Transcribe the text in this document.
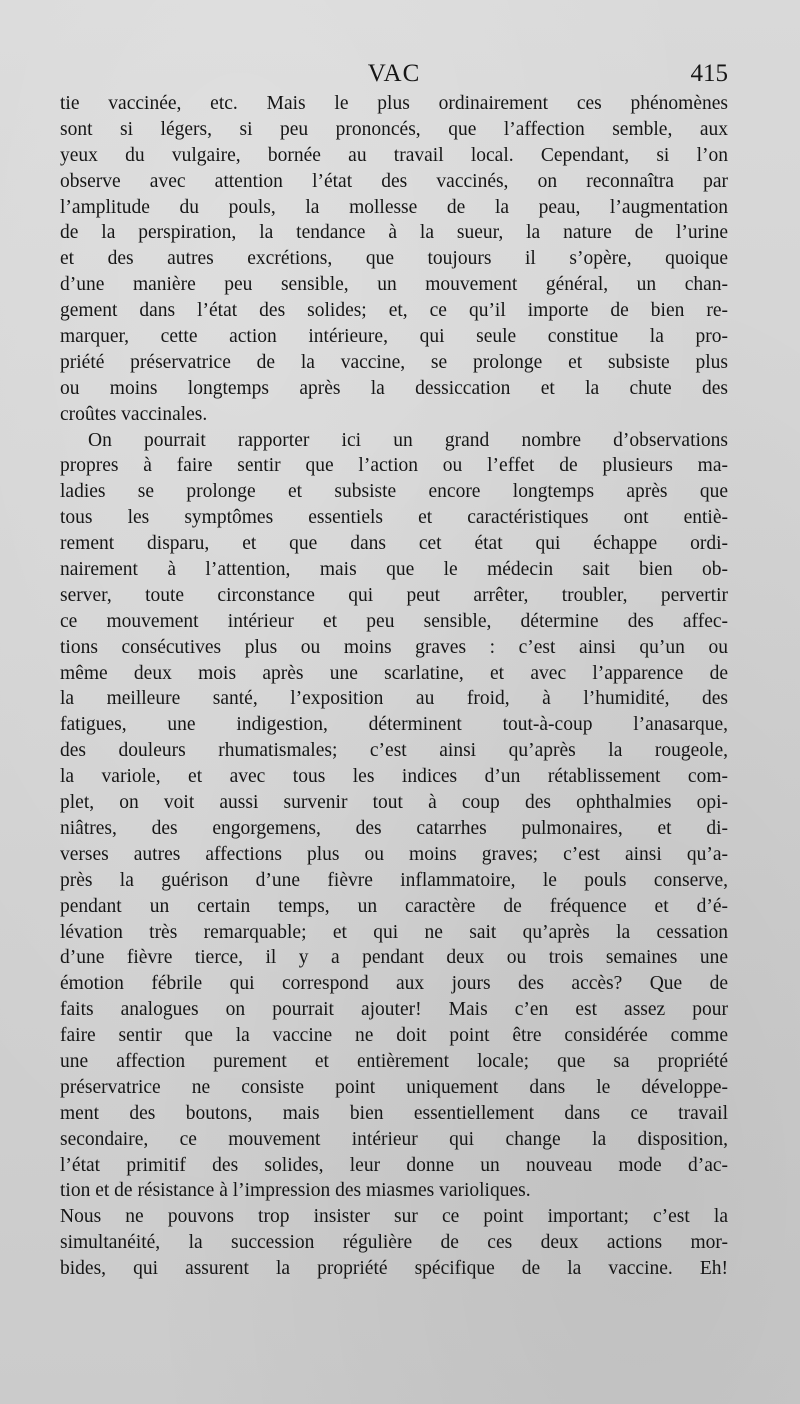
VAC	415
tie vaccinée, etc. Mais le plus ordinairement ces phénomènes
sont si légers, si peu prononcés, que l’affection semble, aux
yeux du vulgaire, bornée au travail local. Cependant, si l’on
observe avec attention l’état des vaccinés, on reconnaîtra par
l’amplitude du pouls, la mollesse de la peau, l’augmentation
de la perspiration, la tendance à la sueur, la nature de l’urine
et des autres excrétions, que toujours il s’opère, quoique
d’une manière peu sensible, un mouvement général, un chan-
gement dans l’état des solides; et, ce qu’il importe de bien re-
marquer, cette action intérieure, qui seule constitue la pro-
priété préservatrice de la vaccine, se prolonge et subsiste plus
ou moins longtemps après la dessiccation et la chute des
croûtes vaccinales.
On pourrait rapporter ici un grand nombre d’observations
propres à faire sentir que l’action ou l’effet de plusieurs ma-
ladies se prolonge et subsiste encore longtemps après que
tous les symptômes essentiels et caractéristiques ont entiè-
rement disparu, et que dans cet état qui échappe ordi-
nairement à l’attention, mais que le médecin sait bien ob-
server, toute circonstance qui peut arrêter, troubler, pervertir
ce mouvement intérieur et peu sensible, détermine des affec-
tions consécutives plus ou moins graves : c’est ainsi qu’un ou
même deux mois après une scarlatine, et avec l’apparence de
la meilleure santé, l’exposition au froid, à l’humidité, des
fatigues, une indigestion, déterminent tout-à-coup l’anasarque,
des douleurs rhumatismales; c’est ainsi qu’après la rougeole,
la variole, et avec tous les indices d’un rétablissement com-
plet, on voit aussi survenir tout à coup des ophthalmies opi-
niâtres, des engorgemens, des catarrhes pulmonaires, et di-
verses autres affections plus ou moins graves; c’est ainsi qu’a-
près la guérison d’une fièvre inflammatoire, le pouls conserve,
pendant un certain temps, un caractère de fréquence et d’é-
lévation très remarquable; et qui ne sait qu’après la cessation
d’une fièvre tierce, il y a pendant deux ou trois semaines une
émotion fébrile qui correspond aux jours des accès? Que de
faits analogues on pourrait ajouter! Mais c’en est assez pour
faire sentir que la vaccine ne doit point être considérée comme
une affection purement et entièrement locale; que sa propriété
préservatrice ne consiste point uniquement dans le développe-
ment des boutons, mais bien essentiellement dans ce travail
secondaire, ce mouvement intérieur qui change la disposition,
l’état primitif des solides, leur donne un nouveau mode d’ac-
tion et de résistance à l’impression des miasmes varioliques.
Nous ne pouvons trop insister sur ce point important; c’est la
simultanéité, la succession régulière de ces deux actions mor-
bides, qui assurent la propriété spécifique de la vaccine. Eh!
